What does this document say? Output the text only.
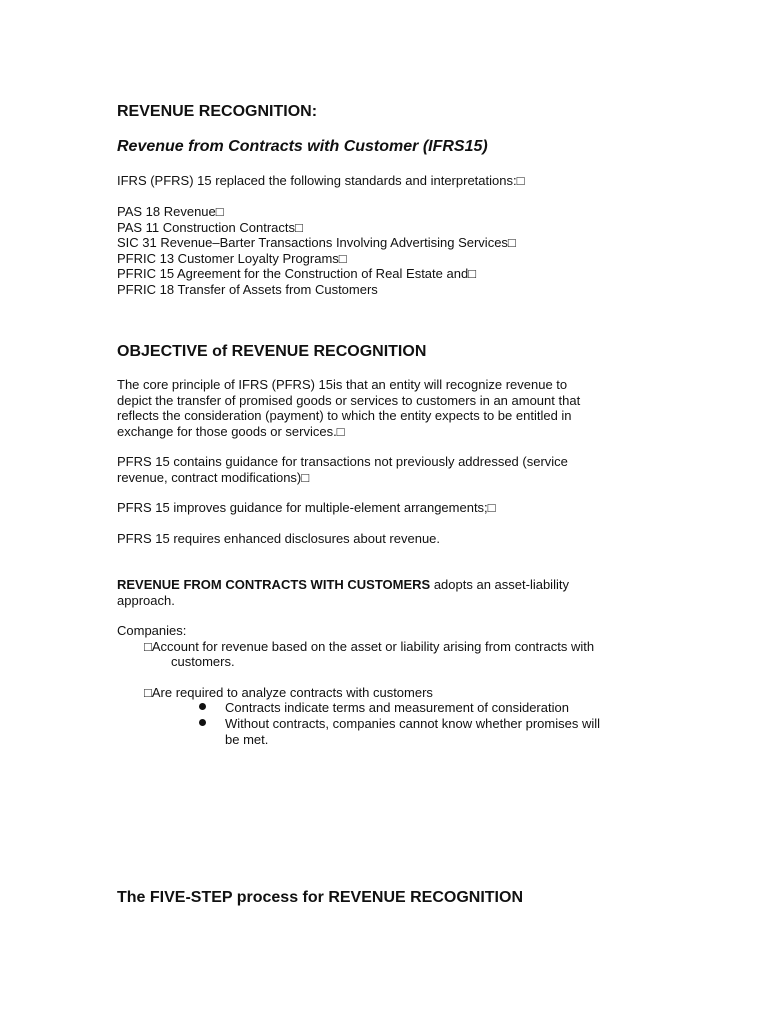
REVENUE RECOGNITION:
Revenue from Contracts with Customer (IFRS15)
IFRS (PFRS) 15 replaced the following standards and interpretations:□
PAS 18 Revenue□
PAS 11 Construction Contracts□
SIC 31 Revenue–Barter Transactions Involving Advertising Services□
PFRIC 13 Customer Loyalty Programs□
PFRIC 15 Agreement for the Construction of Real Estate and□
PFRIC 18 Transfer of Assets from Customers
OBJECTIVE of REVENUE RECOGNITION
The core principle of IFRS (PFRS) 15is that an entity will recognize revenue to
depict the transfer of promised goods or services to customers in an amount that
reflects the consideration (payment) to which the entity expects to be entitled in
exchange for those goods or services.□
PFRS 15 contains guidance for transactions not previously addressed (service
revenue, contract modifications)□
PFRS 15 improves guidance for multiple-element arrangements;□
PFRS 15 requires enhanced disclosures about revenue.
REVENUE FROM CONTRACTS WITH CUSTOMERS adopts an asset-liability
approach.
Companies:
□Account for revenue based on the asset or liability arising from contracts with
customers.
□Are required to analyze contracts with customers
Contracts indicate terms and measurement of consideration
Without contracts, companies cannot know whether promises will
be met.
The FIVE-STEP process for REVENUE RECOGNITION
